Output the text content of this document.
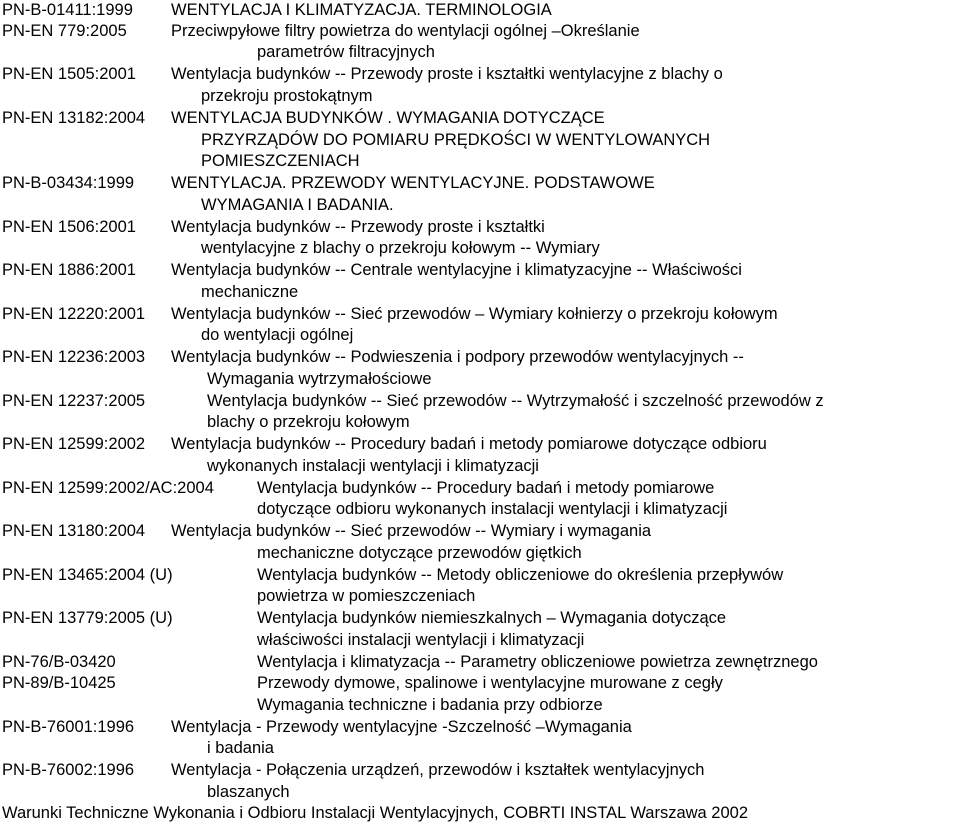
PN-B-01411:1999 WENTYLACJA I KLIMATYZACJA. TERMINOLOGIA
PN-EN 779:2005	Przeciwpyłowe filtry powietrza do wentylacji ogólnej –Określanie
parametrów filtracyjnych
PN-EN 1505:2001 Wentylacja budynków -- Przewody proste i kształtki wentylacyjne z blachy o
przekroju prostokątnym
PN-EN 13182:2004 WENTYLACJA BUDYNKÓW . WYMAGANIA DOTYCZĄCE
PRZYRZĄDÓW DO POMIARU PRĘDKOŚCI W WENTYLOWANYCH
POMIESZCZENIACH
PN-B-03434:1999 WENTYLACJA. PRZEWODY WENTYLACYJNE. PODSTAWOWE
WYMAGANIA I BADANIA.
PN-EN 1506:2001 Wentylacja budynków -- Przewody proste i kształtki
wentylacyjne z blachy o przekroju kołowym -- Wymiary
PN-EN 1886:2001 Wentylacja budynków -- Centrale wentylacyjne i klimatyzacyjne -- Właściwości
mechaniczne
PN-EN 12220:2001 Wentylacja budynków -- Sieć przewodów – Wymiary kołnierzy o przekroju kołowym
do wentylacji ogólnej
PN-EN 12236:2003 Wentylacja budynków -- Podwieszenia i podpory przewodów wentylacyjnych --
Wymagania wytrzymałościowe
PN-EN 12237:2005	Wentylacja budynków -- Sieć przewodów -- Wytrzymałość i szczelność przewodów z
blachy o przekroju kołowym
PN-EN 12599:2002 Wentylacja budynków -- Procedury badań i metody pomiarowe dotyczące odbioru
wykonanych instalacji wentylacji i klimatyzacji
PN-EN 12599:2002/AC:2004	Wentylacja budynków -- Procedury badań i metody pomiarowe
dotyczące odbioru wykonanych instalacji wentylacji i klimatyzacji
PN-EN 13180:2004 Wentylacja budynków -- Sieć przewodów -- Wymiary i wymagania
mechaniczne dotyczące przewodów giętkich
PN-EN 13465:2004 (U)	Wentylacja budynków -- Metody obliczeniowe do określenia przepływów
powietrza w pomieszczeniach
PN-EN 13779:2005 (U)	Wentylacja budynków niemieszkalnych – Wymagania dotyczące
właściwości instalacji wentylacji i klimatyzacji
PN-76/B-03420	Wentylacja i klimatyzacja -- Parametry obliczeniowe powietrza zewnętrznego
PN-89/B-10425	Przewody dymowe, spalinowe i wentylacyjne murowane z cegły
Wymagania techniczne i badania przy odbiorze
PN-B-76001:1996 Wentylacja - Przewody wentylacyjne -Szczelność –Wymagania
i badania
PN-B-76002:1996 Wentylacja - Połączenia urządzeń, przewodów i kształtek wentylacyjnych
blaszanych
Warunki Techniczne Wykonania i Odbioru Instalacji Wentylacyjnych, COBRTI INSTAL Warszawa 2002
